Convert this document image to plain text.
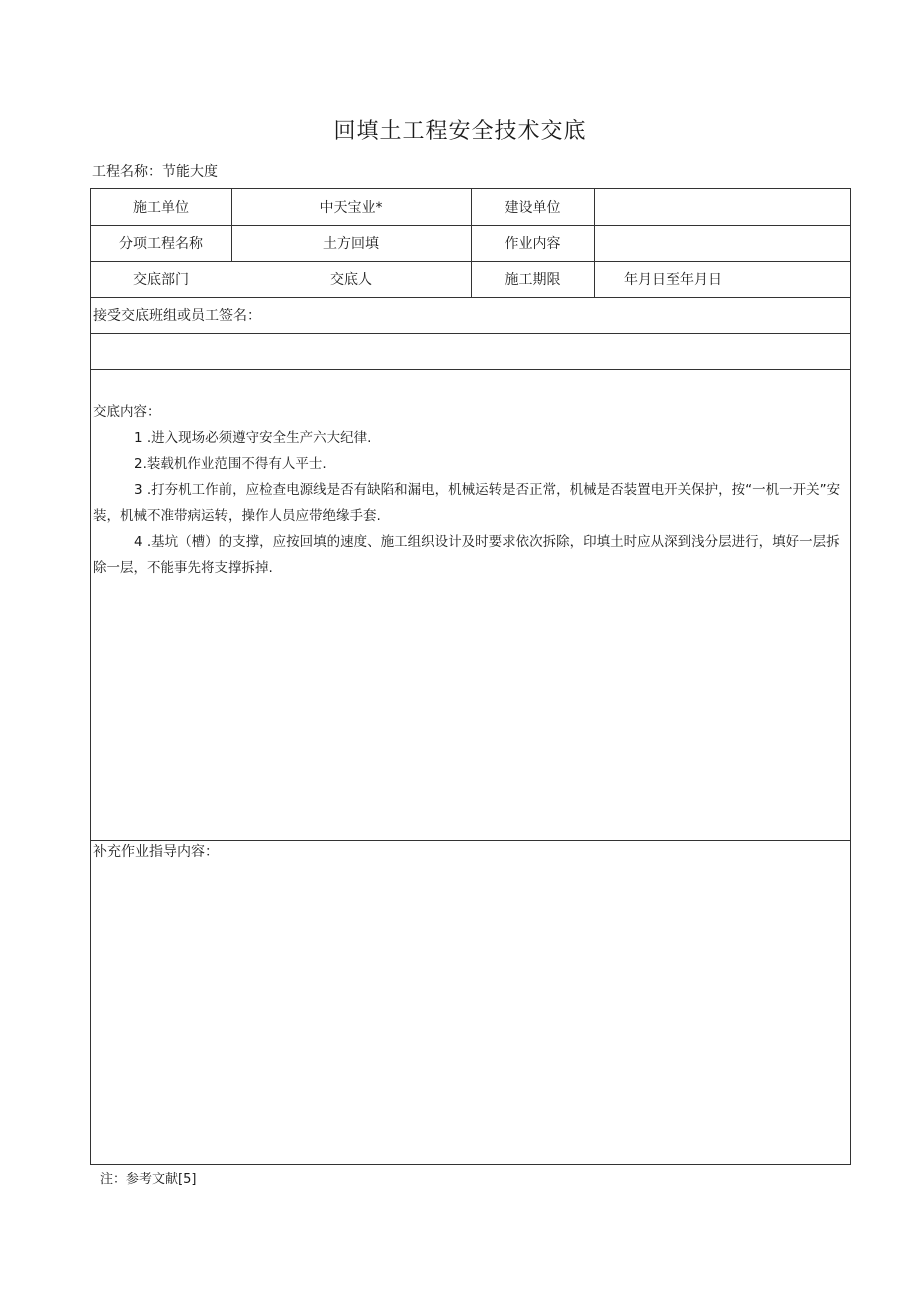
回填土工程安全技术交底
工程名称：节能大度
施工单位	中天宝业*	建设单位
分项工程名称	土方回填	作业内容
交底部门	交底人	施工期限	年月日至年月日
接受交底班组或员工签名：

交底内容：

1 .进入现场必须遵守安全生产六大纪律.

2.装载机作业范围不得有人平士.

3 .打夯机工作前，应检查电源线是否有缺陷和漏电，机械运转是否正常，机械是否装置电开关保护，按“一机一开关”安装，机械不准带病运转，操作人员应带绝缘手套.

4 .基坑（槽）的支撑，应按回填的速度、施工组织设计及时要求依次拆除，印填土时应从深到浅分层进行，填好一层拆除一层，不能事先将支撑拆掉.

补充作业指导内容：
注：参考文献[5]
